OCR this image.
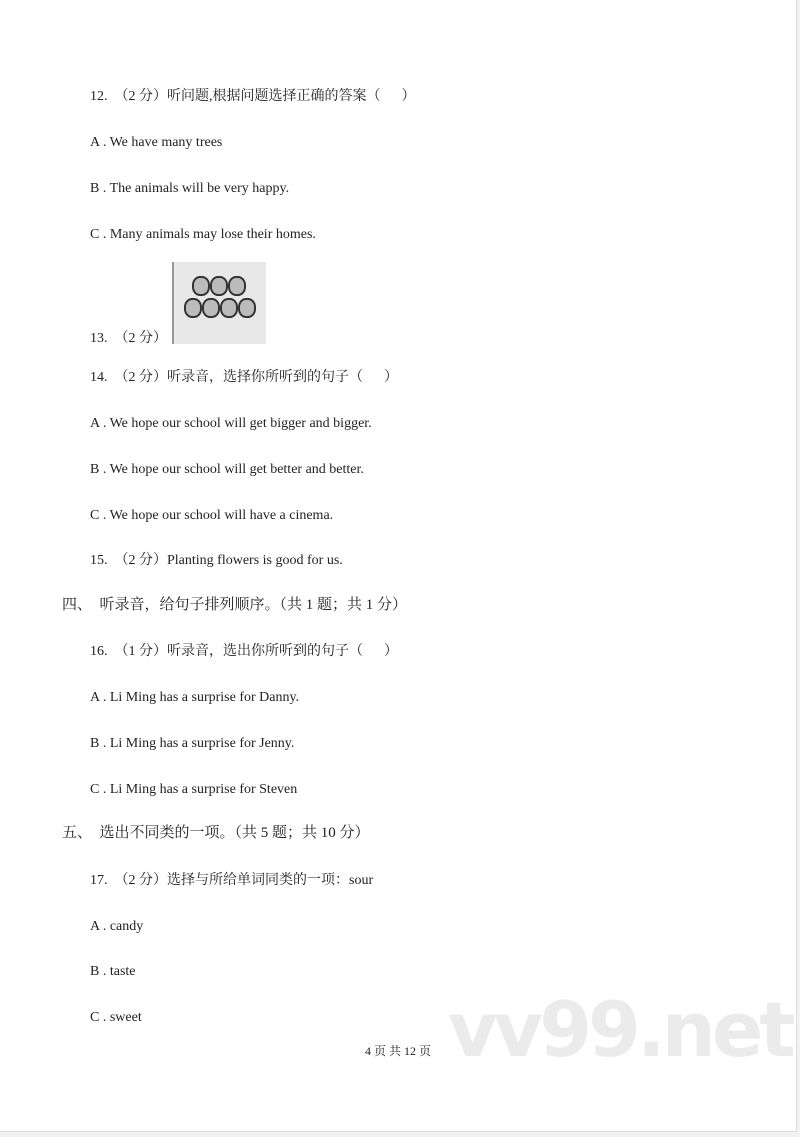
12.  （2 分）听问题,根据问题选择正确的答案（      ）
A . We have many trees
B . The animals will be very happy.
C . Many animals may lose their homes.
13.  （2 分）
14.  （2 分）听录音，选择你所听到的句子（      ）
A . We hope our school will get bigger and bigger.
B . We hope our school will get better and better.
C . We hope our school will have a cinema.
15.  （2 分）Planting flowers is good for us.
四、  听录音，给句子排列顺序。（共 1 题；共 1 分）
16.  （1 分）听录音，选出你所听到的句子（      ）
A . Li Ming has a surprise for Danny.
B . Li Ming has a surprise for Jenny.
C . Li Ming has a surprise for Steven
五、  选出不同类的一项。（共 5 题；共 10 分）
17.  （2 分）选择与所给单词同类的一项：sour
A . candy
B . taste
C . sweet	vv99.net
4 页 共 12 页
